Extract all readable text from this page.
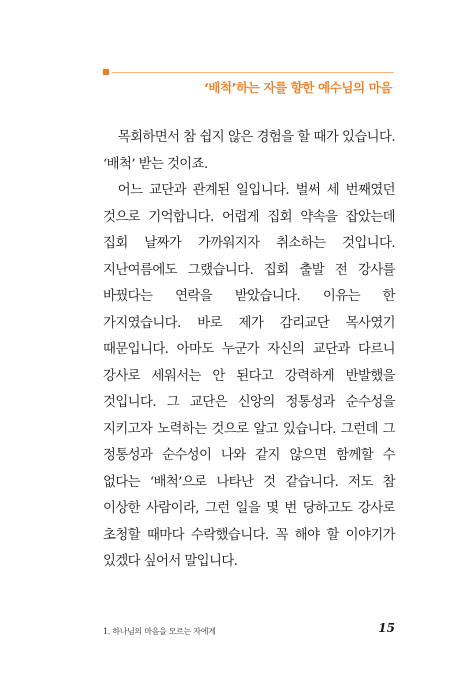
‘배척’하는 자를 향한 예수님의 마음

목회하면서 참 쉽지 않은 경험을 할 때가 있습니다. ‘배척’ 받는 것이죠.

어느 교단과 관계된 일입니다. 벌써 세 번째였던 것으로 기억합니다. 어렵게 집회 약속을 잡았는데 집회 날짜가 가까워지자 취소하는 것입니다. 지난여름에도 그랬습니다. 집회 출발 전 강사를 바꿨다는 연락을 받았습니다. 이유는 한 가지였습니다. 바로 제가 감리교단 목사였기 때문입니다. 아마도 누군가 자신의 교단과 다르니 강사로 세워서는 안 된다고 강력하게 반발했을 것입니다. 그 교단은 신앙의 정통성과 순수성을 지키고자 노력하는 것으로 알고 있습니다. 그런데 그 정통성과 순수성이 나와 같지 않으면 함께할 수 없다는 ‘배척’으로 나타난 것 같습니다. 저도 참 이상한 사람이라, 그런 일을 몇 번 당하고도 강사로 초청할 때마다 수락했습니다. 꼭 해야 할 이야기가 있겠다 싶어서 말입니다.

1. 하나님의 마음을 모르는 자에게	15
